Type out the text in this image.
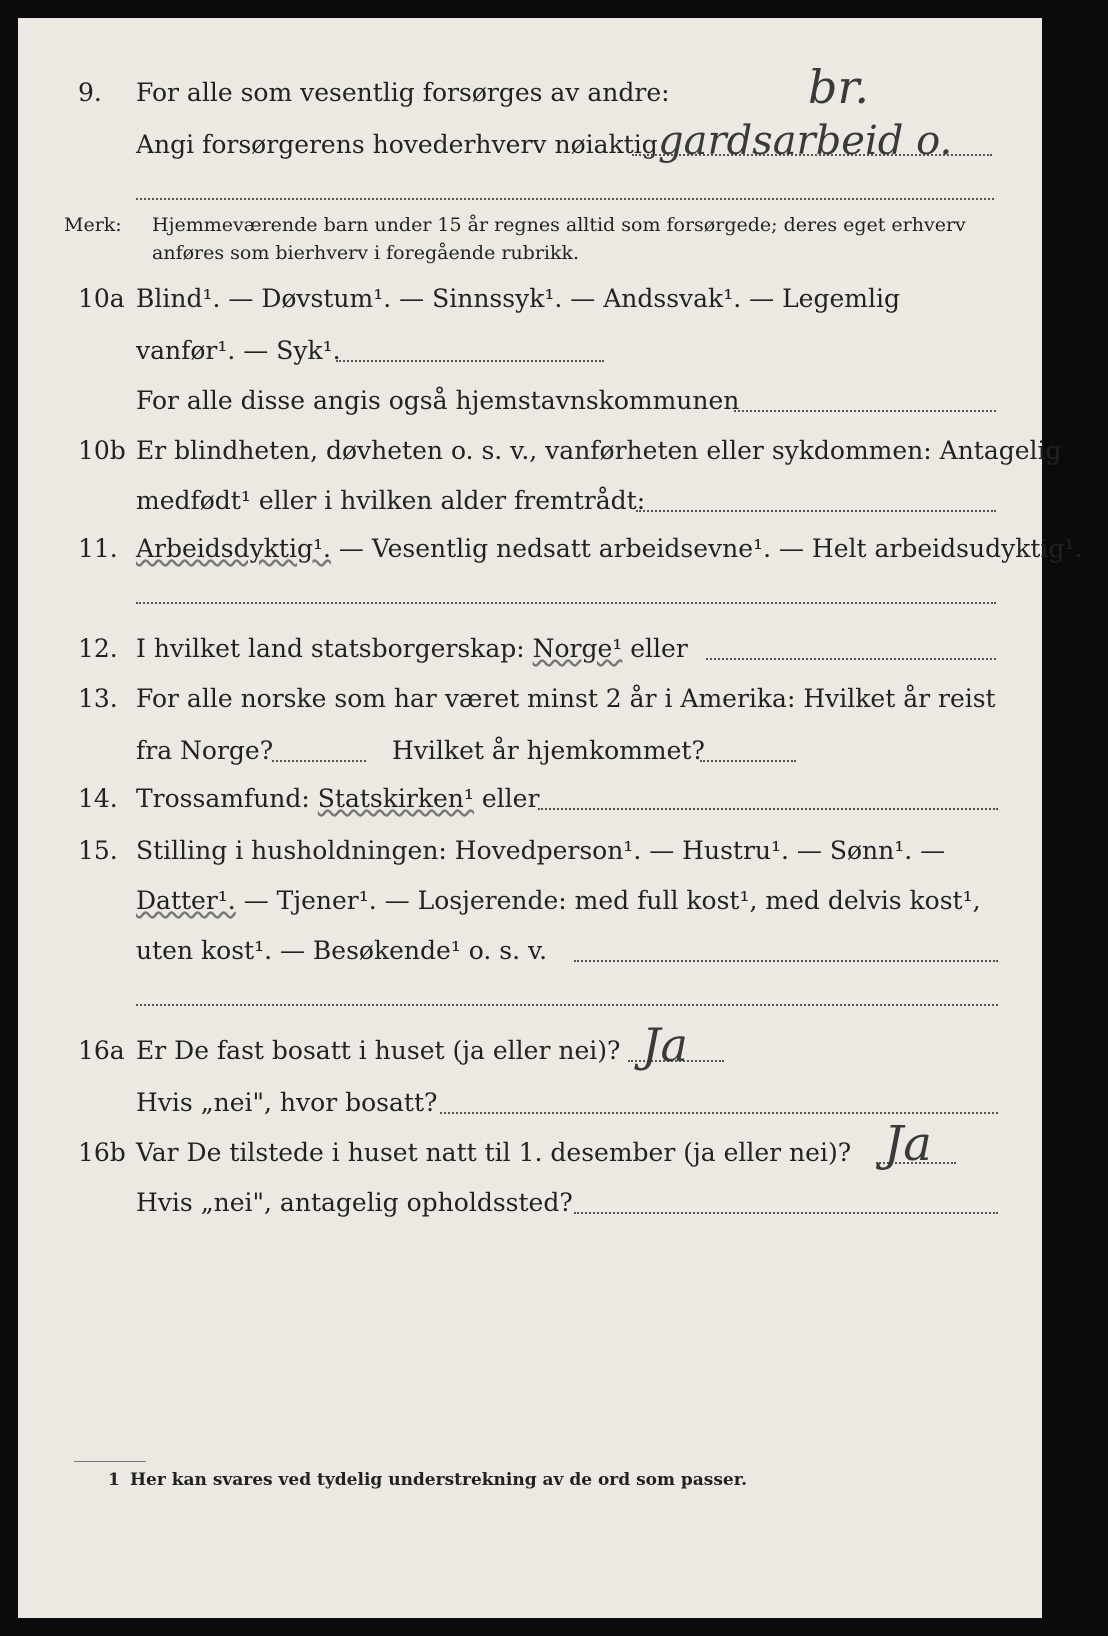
9. For alle som vesentlig forsørges av andre:	br.
Angi forsørgerens hovederhverv nøiaktig gardsarbeid o.
Merk: Hjemmeværende barn under 15 år regnes alltid som forsørgede; deres eget erhverv
anføres som bierhverv i foregående rubrikk.
10a Blind¹. — Døvstum¹. — Sinnssyk¹. — Andssvak¹. — Legemlig
vanfør¹. — Syk¹.
For alle disse angis også hjemstavnskommunen
10b Er blindheten, døvheten o. s. v., vanførheten eller sykdommen: Antagelig
medfødt¹ eller i hvilken alder fremtrådt:
11. Arbeidsdyktig¹. — Vesentlig nedsatt arbeidsevne¹. — Helt arbeidsudyktig¹.
12. I hvilket land statsborgerskap: Norge¹ eller
13. For alle norske som har været minst 2 år i Amerika: Hvilket år reist
fra Norge?	Hvilket år hjemkommet?
14. Trossamfund: Statskirken¹ eller
15. Stilling i husholdningen: Hovedperson¹. — Hustru¹. — Sønn¹. —
Datter¹. — Tjener¹. — Losjerende: med full kost¹, med delvis kost¹,
uten kost¹. — Besøkende¹ o. s. v.
16a Er De fast bosatt i huset (ja eller nei)? Ja
Hvis „nei", hvor bosatt?
16b Var De tilstede i huset natt til 1. desember (ja eller nei)? Ja
Hvis „nei", antagelig opholdssted?
1 Her kan svares ved tydelig understrekning av de ord som passer.
